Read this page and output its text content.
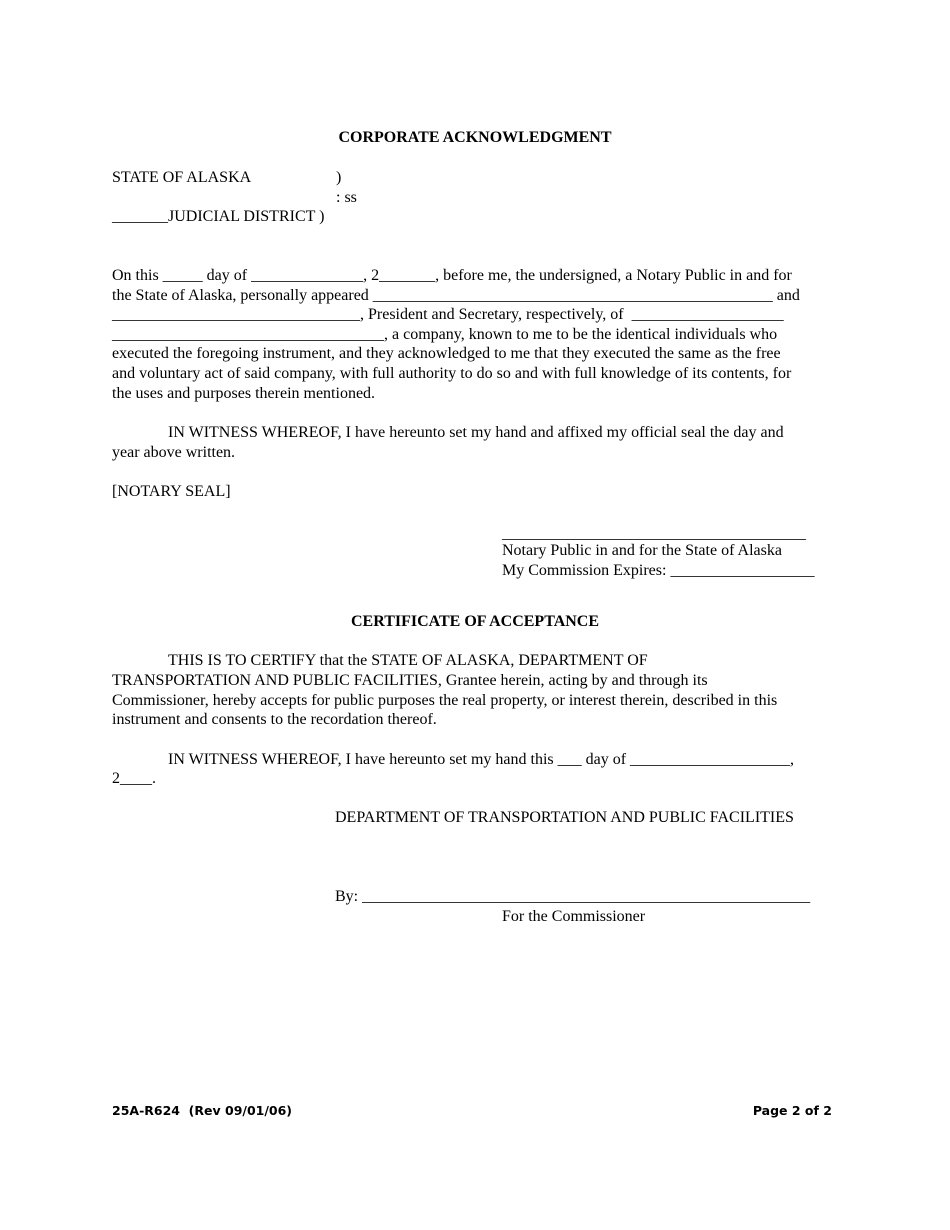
CORPORATE ACKNOWLEDGMENT
STATE OF ALASKA	)
: ss
_______JUDICIAL DISTRICT )
On this _____ day of ______________, 2_______, before me, the undersigned, a Notary Public in and for
the State of Alaska, personally appeared __________________________________________________ and
_______________________________, President and Secretary, respectively, of  ___________________
__________________________________, a company, known to me to be the identical individuals who
executed the foregoing instrument, and they acknowledged to me that they executed the same as the free
and voluntary act of said company, with full authority to do so and with full knowledge of its contents, for
the uses and purposes therein mentioned.
IN WITNESS WHEREOF, I have hereunto set my hand and affixed my official seal the day and
year above written.
[NOTARY SEAL]
______________________________________
Notary Public in and for the State of Alaska
My Commission Expires: __________________
CERTIFICATE OF ACCEPTANCE
THIS IS TO CERTIFY that the STATE OF ALASKA, DEPARTMENT OF
TRANSPORTATION AND PUBLIC FACILITIES, Grantee herein, acting by and through its
Commissioner, hereby accepts for public purposes the real property, or interest therein, described in this
instrument and consents to the recordation thereof.
IN WITNESS WHEREOF, I have hereunto set my hand this ___ day of ____________________,
2____.
DEPARTMENT OF TRANSPORTATION AND PUBLIC FACILITIES
By: ________________________________________________________
For the Commissioner
25A-R624  (Rev 09/01/06)	Page 2 of 2
